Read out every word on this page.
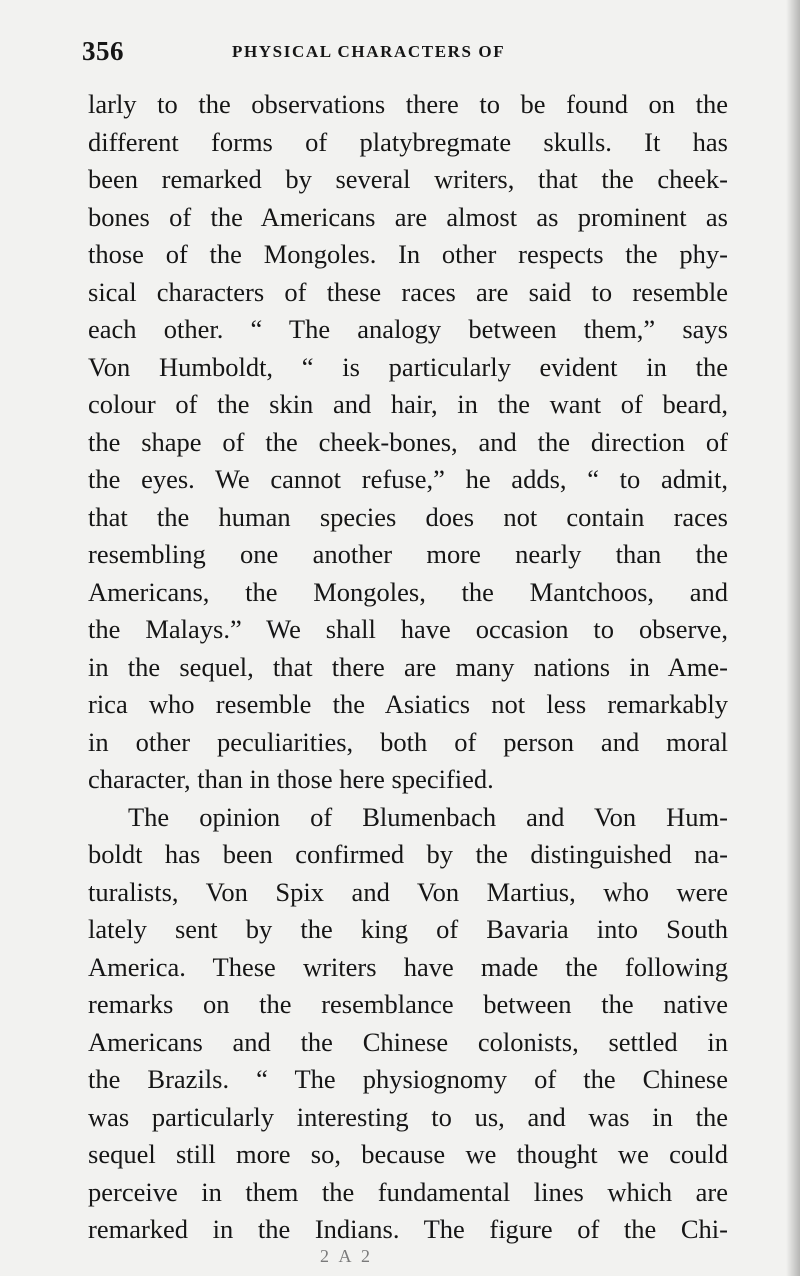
356	PHYSICAL CHARACTERS OF
larly to the observations there to be found on the
different forms of platybregmate skulls. It has
been remarked by several writers, that the cheek-
bones of the Americans are almost as prominent as
those of the Mongoles. In other respects the phy-
sical characters of these races are said to resemble
each other. “ The analogy between them,” says
Von Humboldt, “ is particularly evident in the
colour of the skin and hair, in the want of beard,
the shape of the cheek-bones, and the direction of
the eyes. We cannot refuse,” he adds, “ to admit,
that the human species does not contain races
resembling one another more nearly than the
Americans, the Mongoles, the Mantchoos, and
the Malays.” We shall have occasion to observe,
in the sequel, that there are many nations in Ame-
rica who resemble the Asiatics not less remarkably
in other peculiarities, both of person and moral
character, than in those here specified.
The opinion of Blumenbach and Von Hum-
boldt has been confirmed by the distinguished na-
turalists, Von Spix and Von Martius, who were
lately sent by the king of Bavaria into South
America. These writers have made the following
remarks on the resemblance between the native
Americans and the Chinese colonists, settled in
the Brazils. “ The physiognomy of the Chinese
was particularly interesting to us, and was in the
sequel still more so, because we thought we could
perceive in them the fundamental lines which are
remarked in the Indians. The figure of the Chi-
2 A 2
